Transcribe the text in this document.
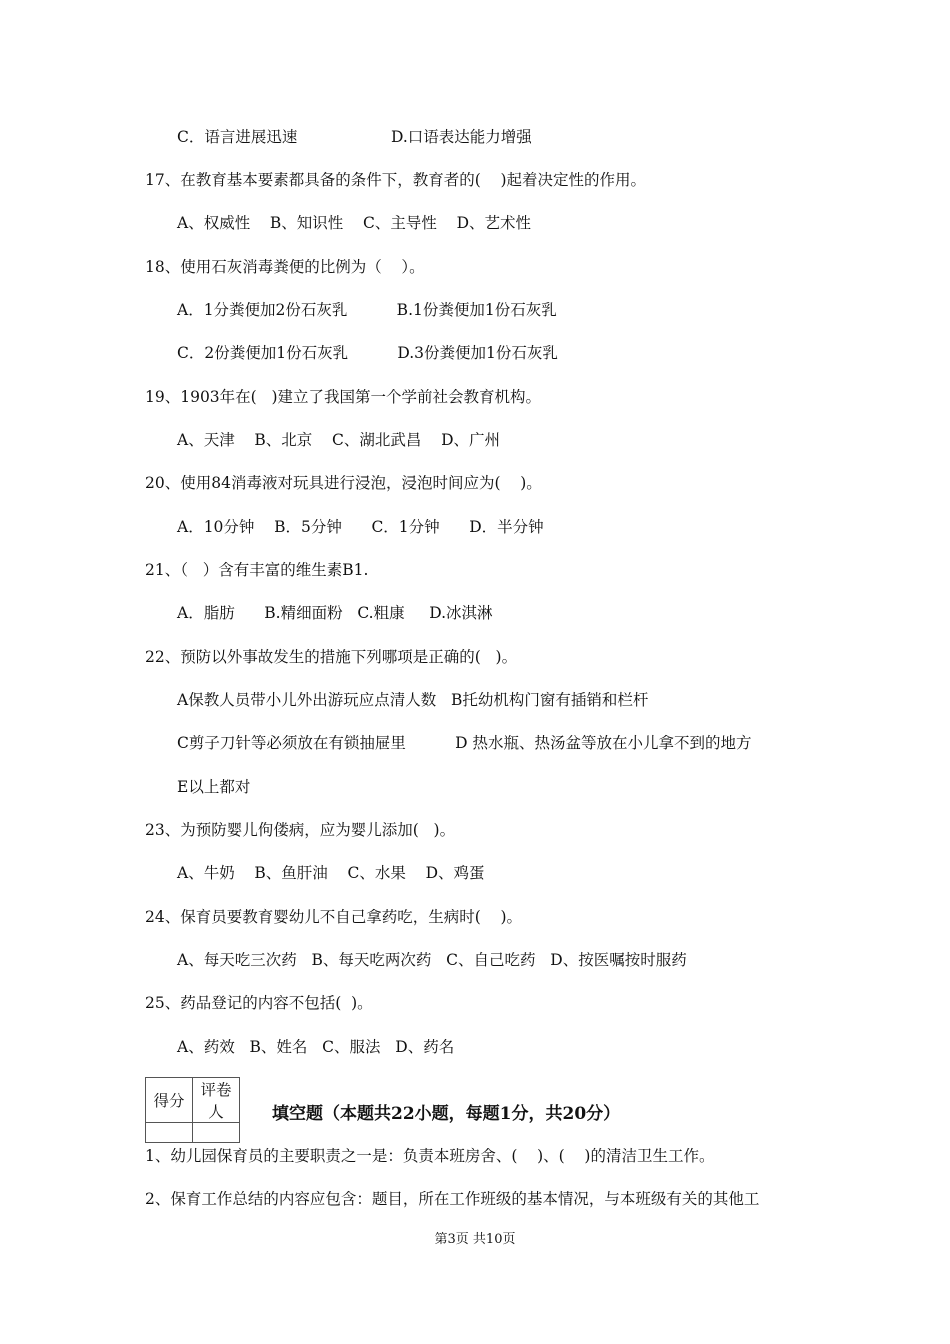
C．语言进展迅速                   D.口语表达能力增强
17、在教育基本要素都具备的条件下，教育者的(    )起着决定性的作用。
A、权威性    B、知识性    C、主导性    D、艺术性
18、使用石灰消毒粪便的比例为（    ）。
A．1分粪便加2份石灰乳          B.1份粪便加1份石灰乳
C．2份粪便加1份石灰乳          D.3份粪便加1份石灰乳
19、1903年在(   )建立了我国第一个学前社会教育机构。
A、天津    B、北京    C、湖北武昌    D、广州
20、使用84消毒液对玩具进行浸泡，浸泡时间应为(    )。
A．10分钟    B．5分钟      C．1分钟      D．半分钟
21、（   ）含有丰富的维生素B1.
A．脂肪      B.精细面粉   C.粗康     D.冰淇淋
22、预防以外事故发生的措施下列哪项是正确的(   )。
A保教人员带小儿外出游玩应点清人数   B托幼机构门窗有插销和栏杆
C剪子刀针等必须放在有锁抽屉里          D 热水瓶、热汤盆等放在小儿拿不到的地方
E以上都对
23、为预防婴儿佝偻病，应为婴儿添加(   )。
A、牛奶    B、鱼肝油    C、水果    D、鸡蛋
24、保育员要教育婴幼儿不自己拿药吃，生病时(    )。
A、每天吃三次药   B、每天吃两次药   C、自己吃药   D、按医嘱按时服药
25、药品登记的内容不包括(  )。
A、药效   B、姓名   C、服法   D、药名
1、幼儿园保育员的主要职责之一是：负责本班房舍、(    )、(    )的清洁卫生工作。
2、保育工作总结的内容应包含：题目，所在工作班级的基本情况，与本班级有关的其他工
得分	评卷人
		填空题（本题共22小题，每题1分，共20分）
第3页 共10页
